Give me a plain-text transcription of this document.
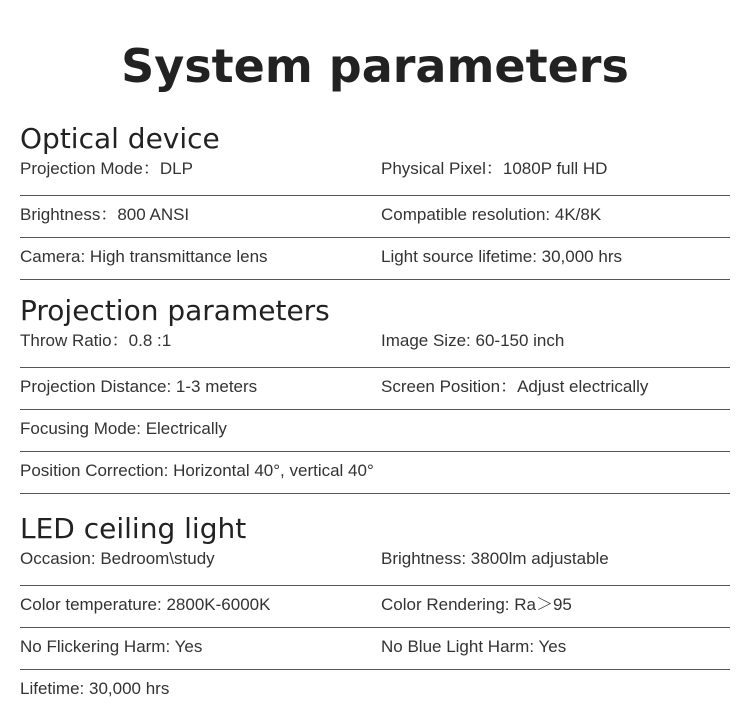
System parameters
Optical device
Projection Mode：DLP	Physical Pixel：1080P full HD
Brightness：800 ANSI	Compatible resolution: 4K/8K
Camera: High transmittance lens	Light source lifetime: 30,000 hrs
Projection parameters
Throw Ratio：0.8 :1	Image Size: 60-150 inch
Projection Distance: 1-3 meters	Screen Position：Adjust electrically
Focusing Mode: Electrically
Position Correction: Horizontal 40°, vertical 40°
LED ceiling light
Occasion: Bedroom\study	Brightness: 3800lm adjustable
Color temperature: 2800K-6000K	Color Rendering: Ra＞95
No Flickering Harm: Yes	No Blue Light Harm: Yes
Lifetime: 30,000 hrs
